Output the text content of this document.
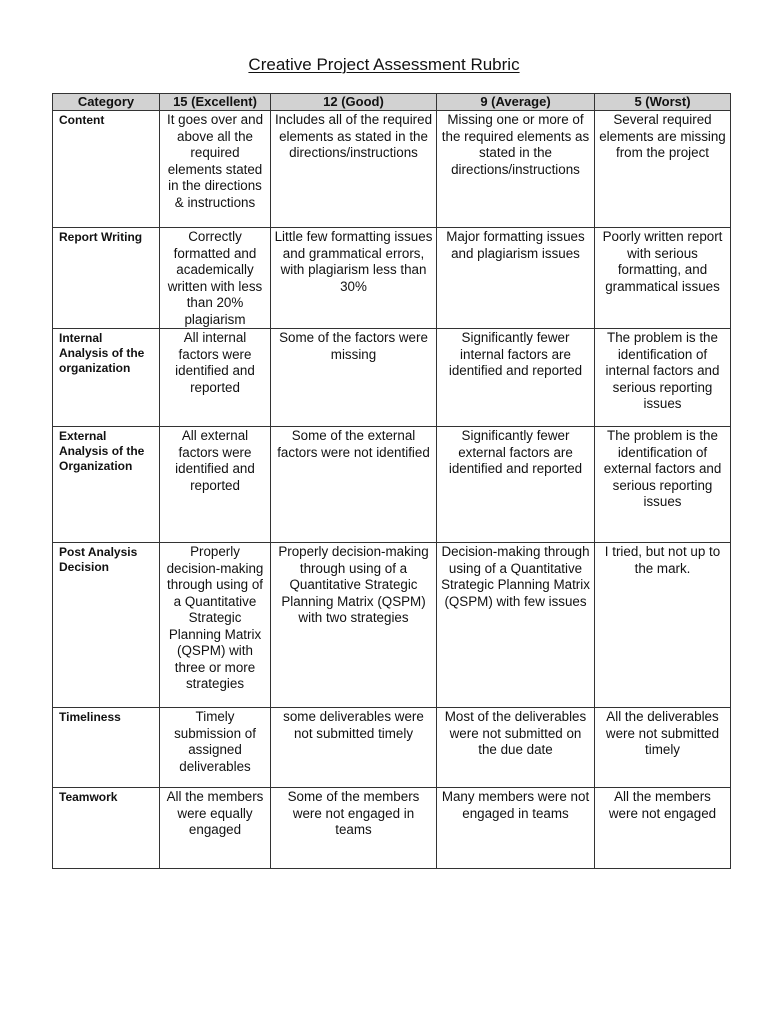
Creative Project Assessment Rubric
Category	15 (Excellent)	12 (Good)	9 (Average)	5 (Worst)
Content	It goes over and above all the required elements stated in the directions & instructions	Includes all of the required elements as stated in the directions/instructions	Missing one or more of the required elements as stated in the directions/instructions	Several required elements are missing from the project
Report Writing	Correctly formatted and academically written with less than 20% plagiarism	Little few formatting issues and grammatical errors, with plagiarism less than 30%	Major formatting issues and plagiarism issues	Poorly written report with serious formatting, and grammatical issues
Internal Analysis of the organization	All internal factors were identified and reported	Some of the factors were missing	Significantly fewer internal factors are identified and reported	The problem is the identification of internal factors and serious reporting issues
External Analysis of the Organization	All external factors were identified and reported	Some of the external factors were not identified	Significantly fewer external factors are identified and reported	The problem is the identification of external factors and serious reporting issues
Post Analysis Decision	Properly decision-making through using of a Quantitative Strategic Planning Matrix (QSPM) with three or more strategies	Properly decision-making through using of a Quantitative Strategic Planning Matrix (QSPM) with two strategies	Decision-making through using of a Quantitative Strategic Planning Matrix (QSPM) with few issues	I tried, but not up to the mark.
Timeliness	Timely submission of assigned deliverables	some deliverables were not submitted timely	Most of the deliverables were not submitted on the due date	All the deliverables were not submitted timely
Teamwork	All the members were equally engaged	Some of the members were not engaged in teams	Many members were not engaged in teams	All the members were not engaged
